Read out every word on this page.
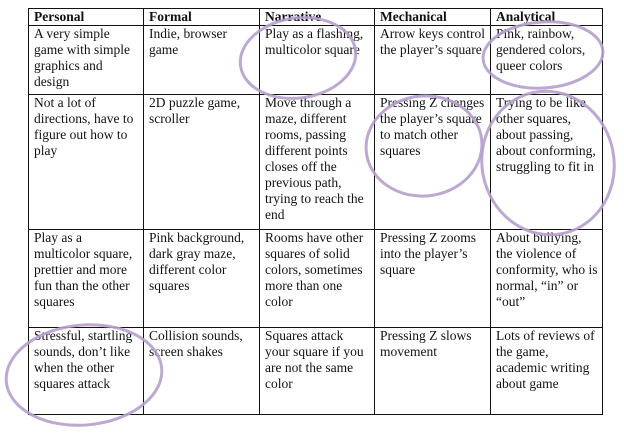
Personal	Formal	Narrative	Mechanical	Analytical

A very simple game with simple graphics and design	Indie, browser game	Play as a flashing, multicolor square	Arrow keys control the player’s square	Pink, rainbow, gendered colors, queer colors

Not a lot of directions, have to figure out how to play	2D puzzle game, scroller	Move through a maze, different rooms, passing different points closes off the previous path, trying to reach the end	Pressing Z changes the player’s square to match other squares	Trying to be like other squares, about passing, about conforming, struggling to fit in

Play as a multicolor square, prettier and more fun than the other squares	Pink background, dark gray maze, different color squares	Rooms have other squares of solid colors, sometimes more than one color	Pressing Z zooms into the player’s square	About bullying, the violence of conformity, who is normal, “in” or “out”

Stressful, startling sounds, don’t like when the other squares attack	Collision sounds, screen shakes	Squares attack your square if you are not the same color	Pressing Z slows movement	Lots of reviews of the game, academic writing about game
